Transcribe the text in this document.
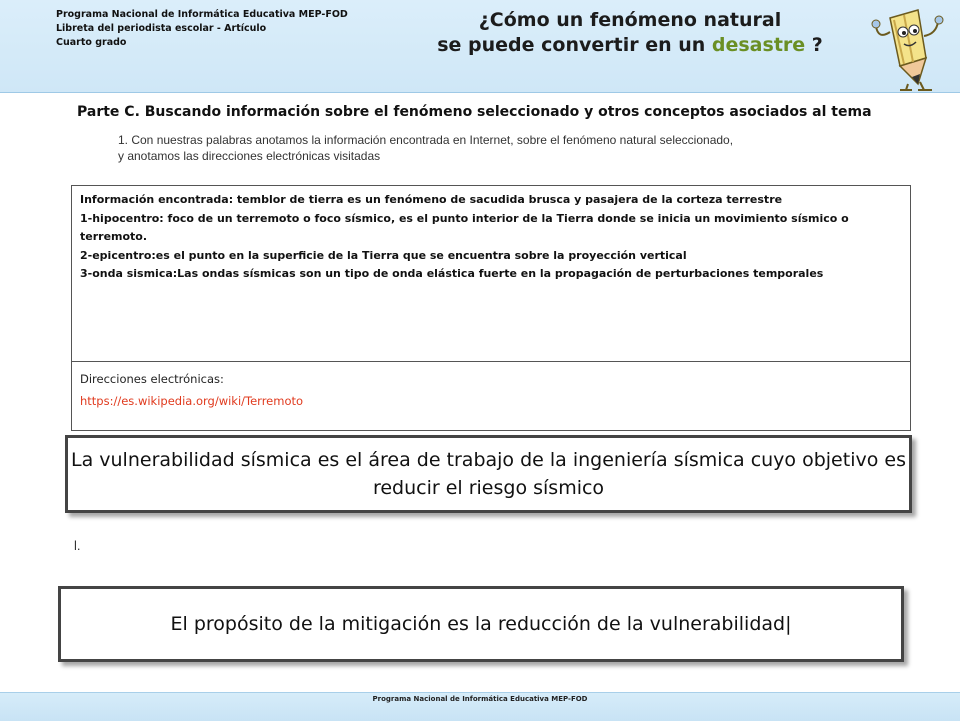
Programa Nacional de Informática Educativa MEP-FOD
Libreta del periodista escolar - Artículo
Cuarto grado
¿Cómo un fenómeno natural
se puede convertir en un desastre ?
Parte C. Buscando información sobre el fenómeno seleccionado y otros conceptos asociados al tema
1. Con nuestras palabras anotamos la información encontrada en Internet, sobre el fenómeno natural seleccionado,
y anotamos las direcciones electrónicas visitadas

Información encontrada: temblor de tierra es un fenómeno de sacudida brusca y pasajera de la corteza terrestre

1-hipocentro: foco de un terremoto o foco sísmico, es el punto interior de la Tierra donde se inicia un movimiento sísmico o terremoto.

2-epicentro:es el punto en la superficie de la Tierra que se encuentra sobre la proyección vertical

3-onda sismica:Las ondas sísmicas son un tipo de onda elástica fuerte en la propagación de perturbaciones temporales

Direcciones electrónicas:
https://es.wikipedia.org/wiki/Terremoto
La vulnerabilidad sísmica es el área de trabajo de la ingeniería sísmica cuyo objetivo es reducir el riesgo sísmico
l.
El propósito de la mitigación es la reducción de la vulnerabilidad|
Programa Nacional de Informática Educativa MEP-FOD
